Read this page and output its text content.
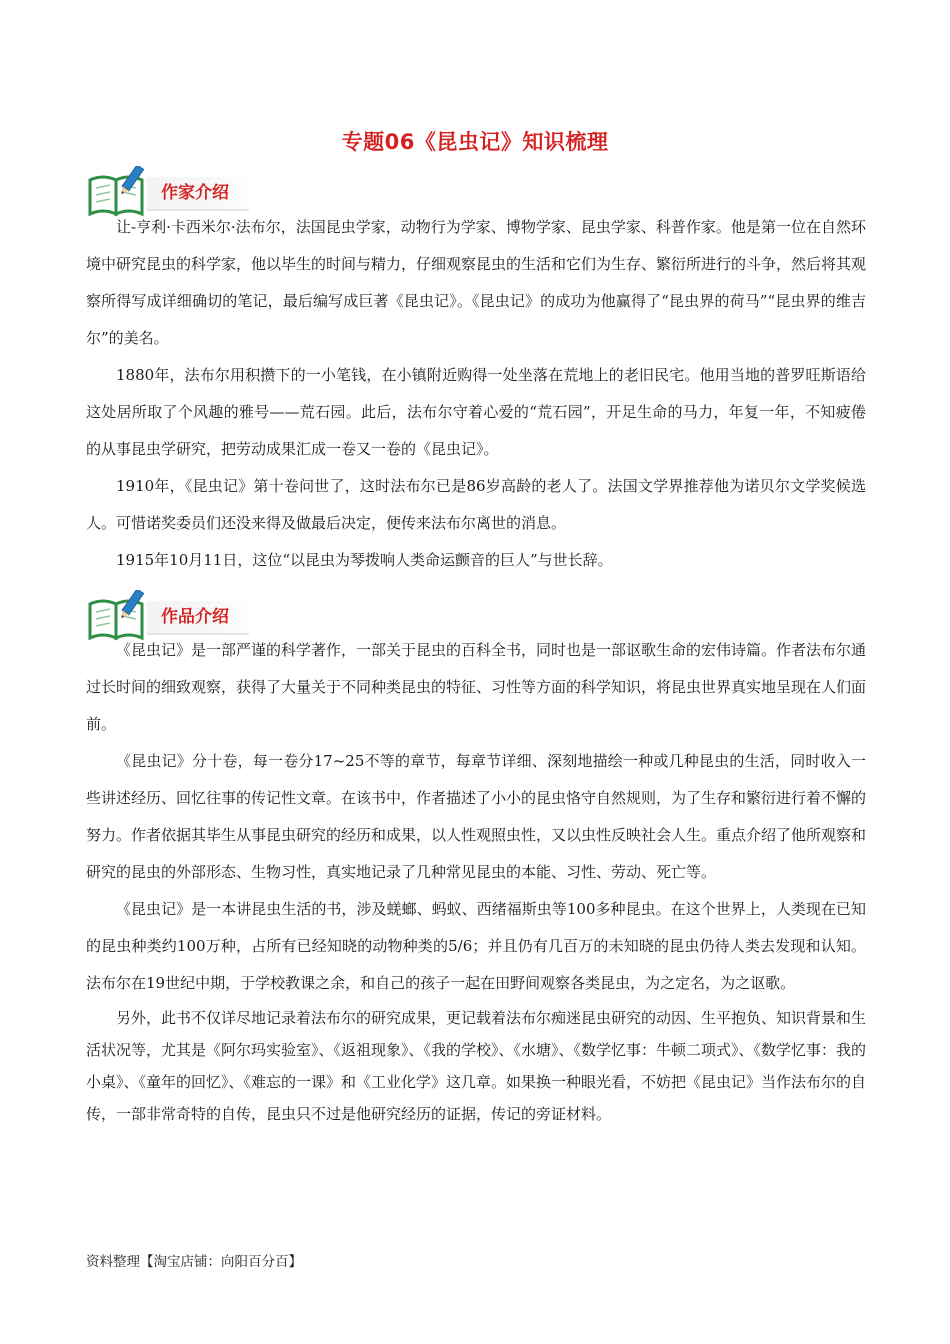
专题06《昆虫记》知识梳理
作家介绍

让-亨利·卡西米尔·法布尔，法国昆虫学家，动物行为学家、博物学家、昆虫学家、科普作家。他是第一位在自然环境中研究昆虫的科学家，他以毕生的时间与精力，仔细观察昆虫的生活和它们为生存、繁衍所进行的斗争，然后将其观察所得写成详细确切的笔记，最后编写成巨著《昆虫记》。《昆虫记》的成功为他赢得了“昆虫界的荷马”“昆虫界的维吉尔”的美名。

1880年，法布尔用积攒下的一小笔钱，在小镇附近购得一处坐落在荒地上的老旧民宅。他用当地的普罗旺斯语给这处居所取了个风趣的雅号——荒石园。此后，法布尔守着心爱的“荒石园”，开足生命的马力，年复一年，不知疲倦的从事昆虫学研究，把劳动成果汇成一卷又一卷的《昆虫记》。

1910年，《昆虫记》第十卷问世了，这时法布尔已是86岁高龄的老人了。法国文学界推荐他为诺贝尔文学奖候选人。可惜诺奖委员们还没来得及做最后决定，便传来法布尔离世的消息。

1915年10月11日，这位“以昆虫为琴拨响人类命运颤音的巨人”与世长辞。

作品介绍

《昆虫记》是一部严谨的科学著作，一部关于昆虫的百科全书，同时也是一部讴歌生命的宏伟诗篇。作者法布尔通过长时间的细致观察，获得了大量关于不同种类昆虫的特征、习性等方面的科学知识，将昆虫世界真实地呈现在人们面前。

《昆虫记》分十卷，每一卷分17~25不等的章节，每章节详细、深刻地描绘一种或几种昆虫的生活，同时收入一些讲述经历、回忆往事的传记性文章。在该书中，作者描述了小小的昆虫恪守自然规则，为了生存和繁衍进行着不懈的努力。作者依据其毕生从事昆虫研究的经历和成果，以人性观照虫性，又以虫性反映社会人生。重点介绍了他所观察和研究的昆虫的外部形态、生物习性，真实地记录了几种常见昆虫的本能、习性、劳动、死亡等。

《昆虫记》是一本讲昆虫生活的书，涉及蜣螂、蚂蚁、西绪福斯虫等100多种昆虫。在这个世界上，人类现在已知的昆虫种类约100万种，占所有已经知晓的动物种类的5/6；并且仍有几百万的未知晓的昆虫仍待人类去发现和认知。法布尔在19世纪中期，于学校教课之余，和自己的孩子一起在田野间观察各类昆虫，为之定名，为之讴歌。

另外，此书不仅详尽地记录着法布尔的研究成果，更记载着法布尔痴迷昆虫研究的动因、生平抱负、知识背景和生活状况等，尤其是《阿尔玛实验室》、《返祖现象》、《我的学校》、《水塘》、《数学忆事：牛顿二项式》、《数学忆事：我的小桌》、《童年的回忆》、《难忘的一课》和《工业化学》这几章。如果换一种眼光看，不妨把《昆虫记》当作法布尔的自传，一部非常奇特的自传，昆虫只不过是他研究经历的证据，传记的旁证材料。

资料整理【淘宝店铺：向阳百分百】
